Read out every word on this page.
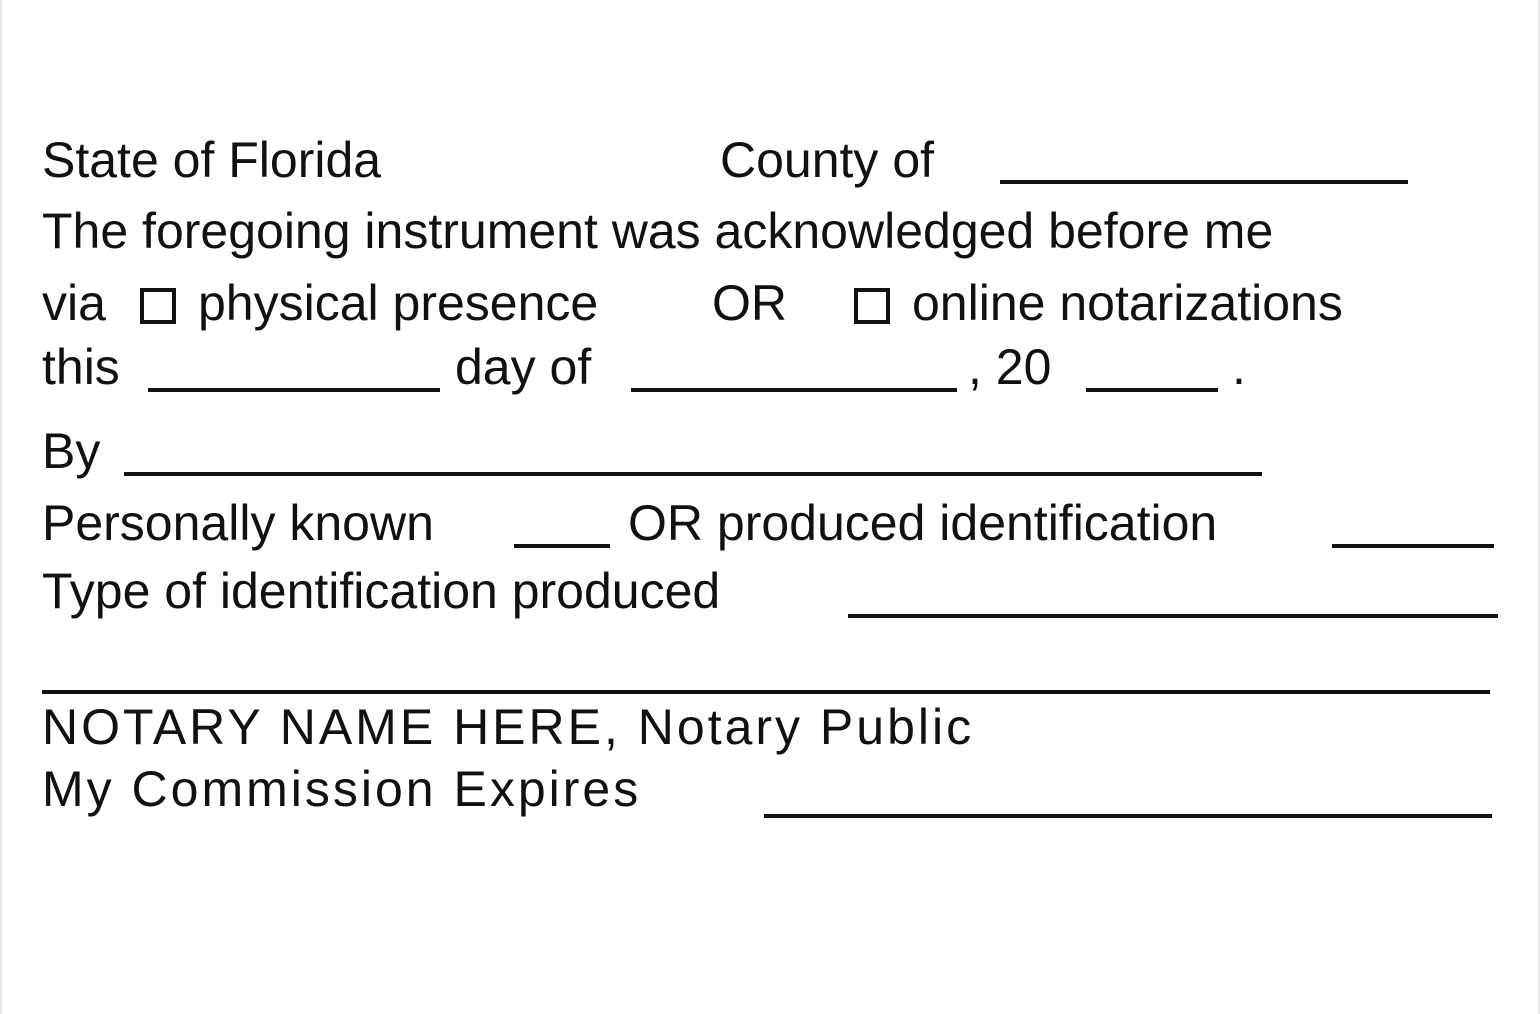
State of Florida	County of
The foregoing instrument was acknowledged before me
via physical presence OR	online notarizations
this	day of	, 20	.
By
Personally known	OR produced identification
Type of identification produced
NOTARY NAME HERE, Notary Public
My Commission Expires
